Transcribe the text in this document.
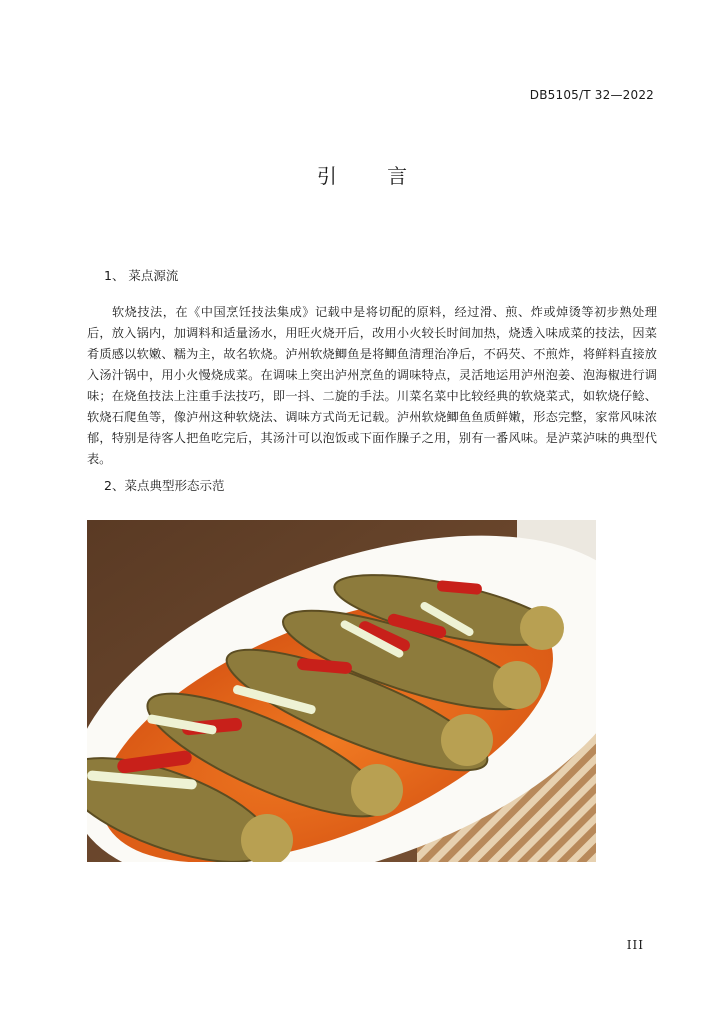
DB5105/T 32—2022
引 言
1、 菜点源流

软烧技法，在《中国烹饪技法集成》记载中是将切配的原料，经过滑、煎、炸或焯烫等初步熟处理后，放入锅内，加调料和适量汤水，用旺火烧开后，改用小火较长时间加热，烧透入味成菜的技法，因菜肴质感以软嫩、糯为主，故名软烧。泸州软烧鲫鱼是将鲫鱼清理治净后，不码芡、不煎炸，将鲜料直接放入汤汁锅中，用小火慢烧成菜。在调味上突出泸州烹鱼的调味特点，灵活地运用泸州泡姜、泡海椒进行调味；在烧鱼技法上注重手法技巧，即一抖、二旋的手法。川菜名菜中比较经典的软烧菜式，如软烧仔鲶、软烧石爬鱼等，像泸州这种软烧法、调味方式尚无记载。泸州软烧鲫鱼鱼质鲜嫩，形态完整，家常风味浓郁，特别是待客人把鱼吃完后，其汤汁可以泡饭或下面作臊子之用，别有一番风味。是泸菜泸味的典型代表。

2、菜点典型形态示范
III
